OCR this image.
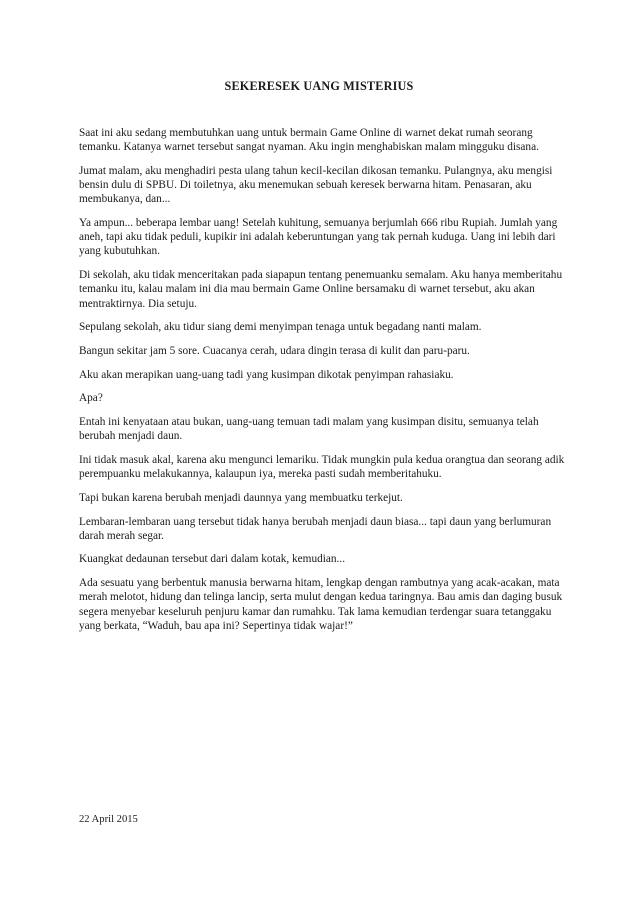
SEKERESEK UANG MISTERIUS

Saat ini aku sedang membutuhkan uang untuk bermain Game Online di warnet dekat rumah seorang temanku. Katanya warnet tersebut sangat nyaman. Aku ingin menghabiskan malam mingguku disana.

Jumat malam, aku menghadiri pesta ulang tahun kecil-kecilan dikosan temanku. Pulangnya, aku mengisi bensin dulu di SPBU. Di toiletnya, aku menemukan sebuah keresek berwarna hitam. Penasaran, aku membukanya, dan...

Ya ampun... beberapa lembar uang! Setelah kuhitung, semuanya berjumlah 666 ribu Rupiah. Jumlah yang aneh, tapi aku tidak peduli, kupikir ini adalah keberuntungan yang tak pernah kuduga. Uang ini lebih dari yang kubutuhkan.

Di sekolah, aku tidak menceritakan pada siapapun tentang penemuanku semalam. Aku hanya memberitahu temanku itu, kalau malam ini dia mau bermain Game Online bersamaku di warnet tersebut, aku akan mentraktirnya. Dia setuju.

Sepulang sekolah, aku tidur siang demi menyimpan tenaga untuk begadang nanti malam.

Bangun sekitar jam 5 sore. Cuacanya cerah, udara dingin terasa di kulit dan paru-paru.

Aku akan merapikan uang-uang tadi yang kusimpan dikotak penyimpan rahasiaku.

Apa?

Entah ini kenyataan atau bukan, uang-uang temuan tadi malam yang kusimpan disitu, semuanya telah berubah menjadi daun.

Ini tidak masuk akal, karena aku mengunci lemariku. Tidak mungkin pula kedua orangtua dan seorang adik perempuanku melakukannya, kalaupun iya, mereka pasti sudah memberitahuku.

Tapi bukan karena berubah menjadi daunnya yang membuatku terkejut.

Lembaran-lembaran uang tersebut tidak hanya berubah menjadi daun biasa... tapi daun yang berlumuran darah merah segar.

Kuangkat dedaunan tersebut dari dalam kotak, kemudian...

Ada sesuatu yang berbentuk manusia berwarna hitam, lengkap dengan rambutnya yang acak-acakan, mata merah melotot, hidung dan telinga lancip, serta mulut dengan kedua taringnya. Bau amis dan daging busuk segera menyebar keseluruh penjuru kamar dan rumahku. Tak lama kemudian terdengar suara tetanggaku yang berkata, “Waduh, bau apa ini? Sepertinya tidak wajar!”

22 April 2015
